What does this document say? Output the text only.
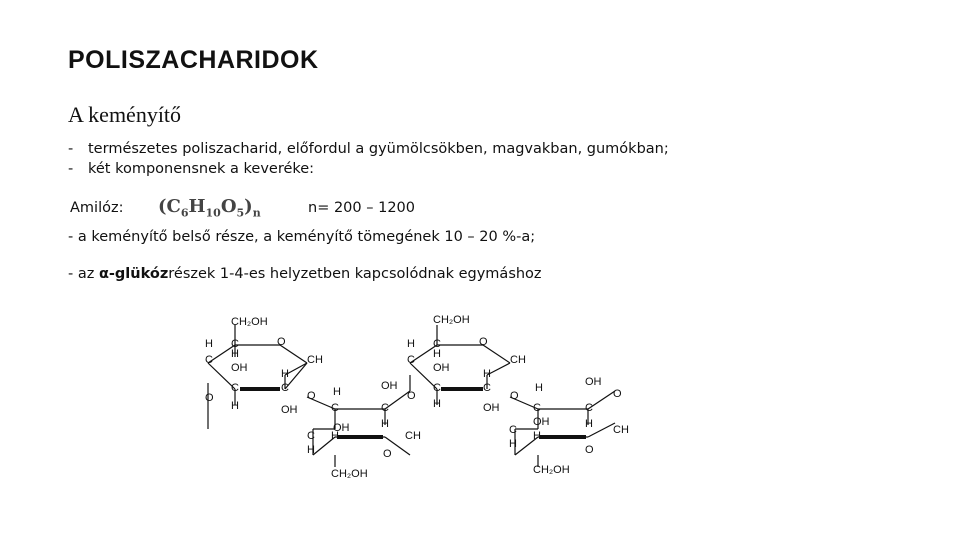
POLISZACHARIDOK
A keményítő
- természetes poliszacharid, előfordul a gyümölcsökben, magvakban, gumókban;
- két komponensnek a keveréke:
Amilóz: $(C_6H_{10}O_5)_n$	n= 200 – 1200
- a keményítő belső része, a keményítő tömegének 10 – 20 %-a;
- az α-glükózrészek 1-4-es helyzetben kapcsolódnak egymáshoz
CH₂OH
H C	O
C H	CH
OH	H
O
C	C
H	OH
O H
C
OH
O
C
C
OH	H
H
H	CH
O
CH₂OH
CH₂OH
H C	O
C H	CH
OH	H
C	C
H	OH
O
H
C
OH
O
C
C
OH	H
H
H	CH
O
CH₂OH
